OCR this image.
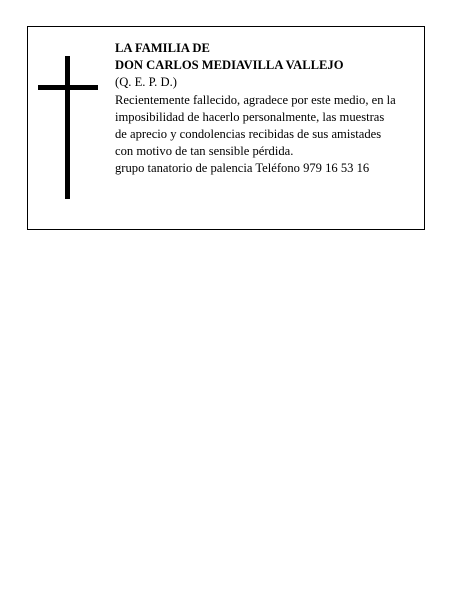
LA FAMILIA DE
DON CARLOS MEDIAVILLA VALLEJO
(Q. E. P. D.)
Recientemente fallecido, agradece por este medio, en la
imposibilidad de hacerlo personalmente, las muestras
de aprecio y condolencias recibidas de sus amistades
con motivo de tan sensible pérdida.
grupo tanatorio de palencia Teléfono 979 16 53 16
